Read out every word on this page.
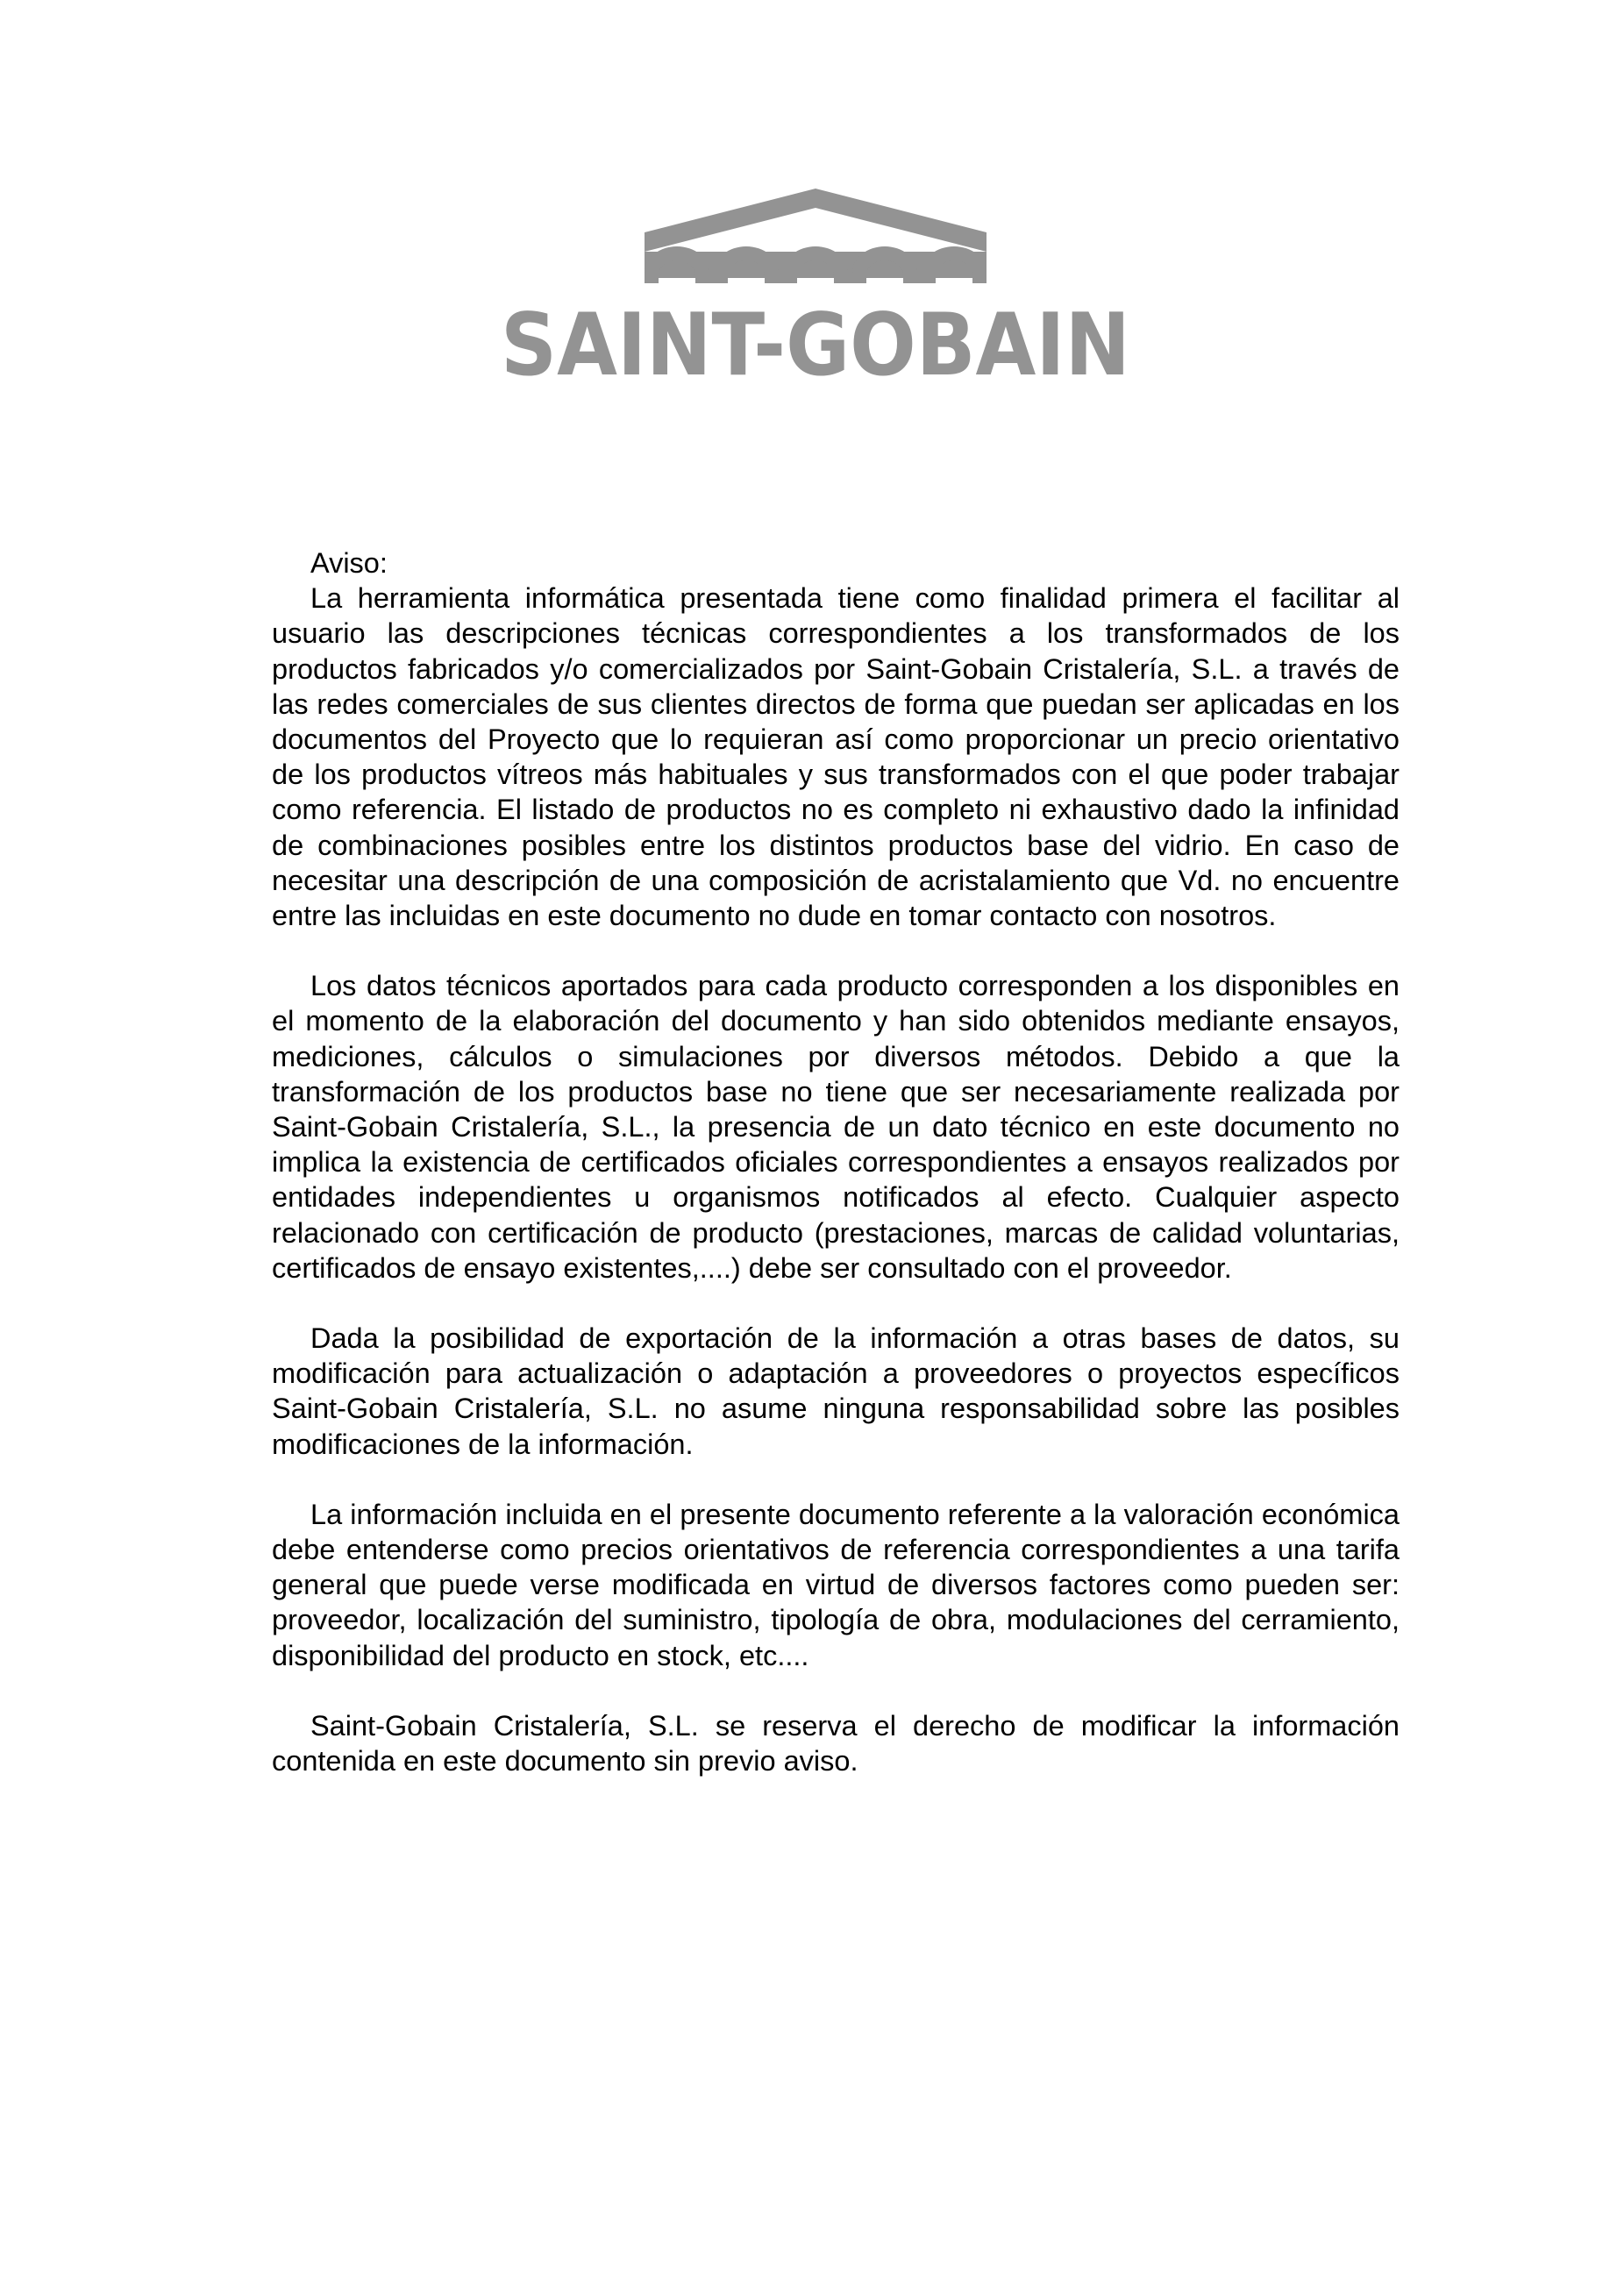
SAINT-GOBAIN

Aviso:

La herramienta informática presentada tiene como finalidad primera el facilitar al usuario las descripciones técnicas correspondientes a los transformados de los productos fabricados y/o comercializados por Saint-Gobain Cristalería, S.L. a través de las redes comerciales de sus clientes directos de forma que puedan ser aplicadas en los documentos del Proyecto que lo requieran así como proporcionar un precio orientativo de los productos vítreos más habituales y sus transformados con el que poder trabajar como referencia. El listado de productos no es completo ni exhaustivo dado la infinidad de combinaciones posibles entre los distintos productos base del vidrio. En caso de necesitar una descripción de una composición de acristalamiento que Vd. no encuentre entre las incluidas en este documento no dude en tomar contacto con nosotros.

Los datos técnicos aportados para cada producto corresponden a los disponibles en el momento de la elaboración del documento y han sido obtenidos mediante ensayos, mediciones, cálculos o simulaciones por diversos métodos. Debido a que la transformación de los productos base no tiene que ser necesariamente realizada por Saint-Gobain Cristalería, S.L., la presencia de un dato técnico en este documento no implica la existencia de certificados oficiales correspondientes a ensayos realizados por entidades independientes u organismos notificados al efecto. Cualquier aspecto relacionado con certificación de producto (prestaciones, marcas de calidad voluntarias, certificados de ensayo existentes,....) debe ser consultado con el proveedor.

Dada la posibilidad de exportación de la información a otras bases de datos, su modificación para actualización o adaptación a proveedores o proyectos específicos Saint-Gobain Cristalería, S.L. no asume ninguna responsabilidad sobre las posibles modificaciones de la información.

La información incluida en el presente documento referente a la valoración económica debe entenderse como precios orientativos de referencia correspondientes a una tarifa general que puede verse modificada en virtud de diversos factores como pueden ser: proveedor, localización del suministro, tipología de obra, modulaciones del cerramiento, disponibilidad del producto en stock, etc....

Saint-Gobain Cristalería, S.L. se reserva el derecho de modificar la información contenida en este documento sin previo aviso.
